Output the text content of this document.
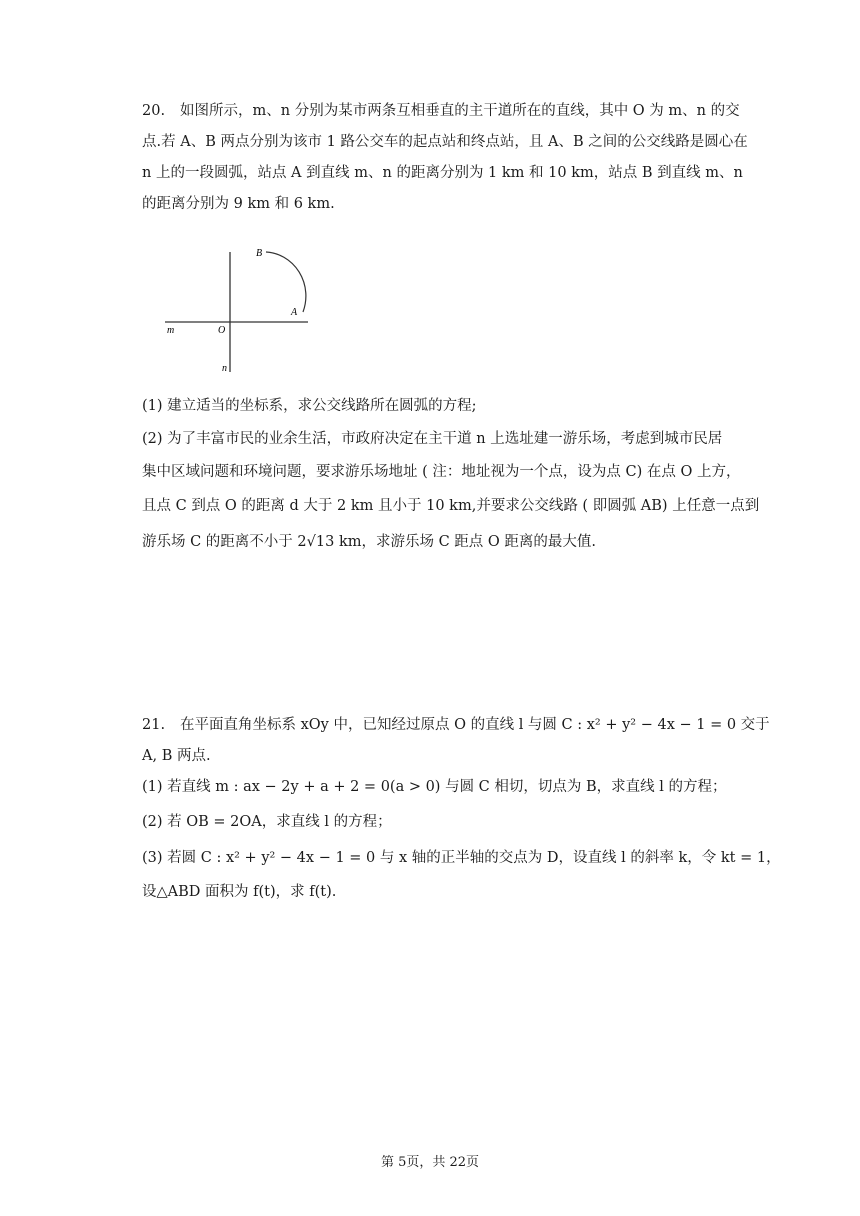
20. 如图所示，m、n 分别为某市两条互相垂直的主干道所在的直线，其中 O 为 m、n 的交点.若 A、B 两点分别为该市 1 路公交车的起点站和终点站，且 A、B 之间的公交线路是圆心在 n 上的一段圆弧，站点 A 到直线 m、n 的距离分别为 1 km 和 10 km，站点 B 到直线 m、n 的距离分别为 9 km 和 6 km.

B
A
m	O
n

(1) 建立适当的坐标系，求公交线路所在圆弧的方程;

(2) 为了丰富市民的业余生活，市政府决定在主干道 n 上选址建一游乐场，考虑到城市民居

集中区域问题和环境问题，要求游乐场地址 ( 注：地址视为一个点，设为点 C) 在点 O 上方，

且点 C 到点 O 的距离 d 大于 2 km 且小于 10 km,并要求公交线路 ( 即圆弧 AB) 上任意一点到

游乐场 C 的距离不小于 2√13 km，求游乐场 C 距点 O 距离的最大值.

21. 在平面直角坐标系 xOy 中，已知经过原点 O 的直线 l 与圆 C : x² + y² − 4x − 1 = 0 交于

A, B 两点.

(1) 若直线 m : ax − 2y + a + 2 = 0(a > 0) 与圆 C 相切，切点为 B，求直线 l 的方程；

(2) 若 OB = 2OA，求直线 l 的方程；

(3) 若圆 C : x² + y² − 4x − 1 = 0 与 x 轴的正半轴的交点为 D，设直线 l 的斜率 k，令 kt = 1，

设△ABD 面积为 f(t)，求 f(t).

第 5页，共 22页
